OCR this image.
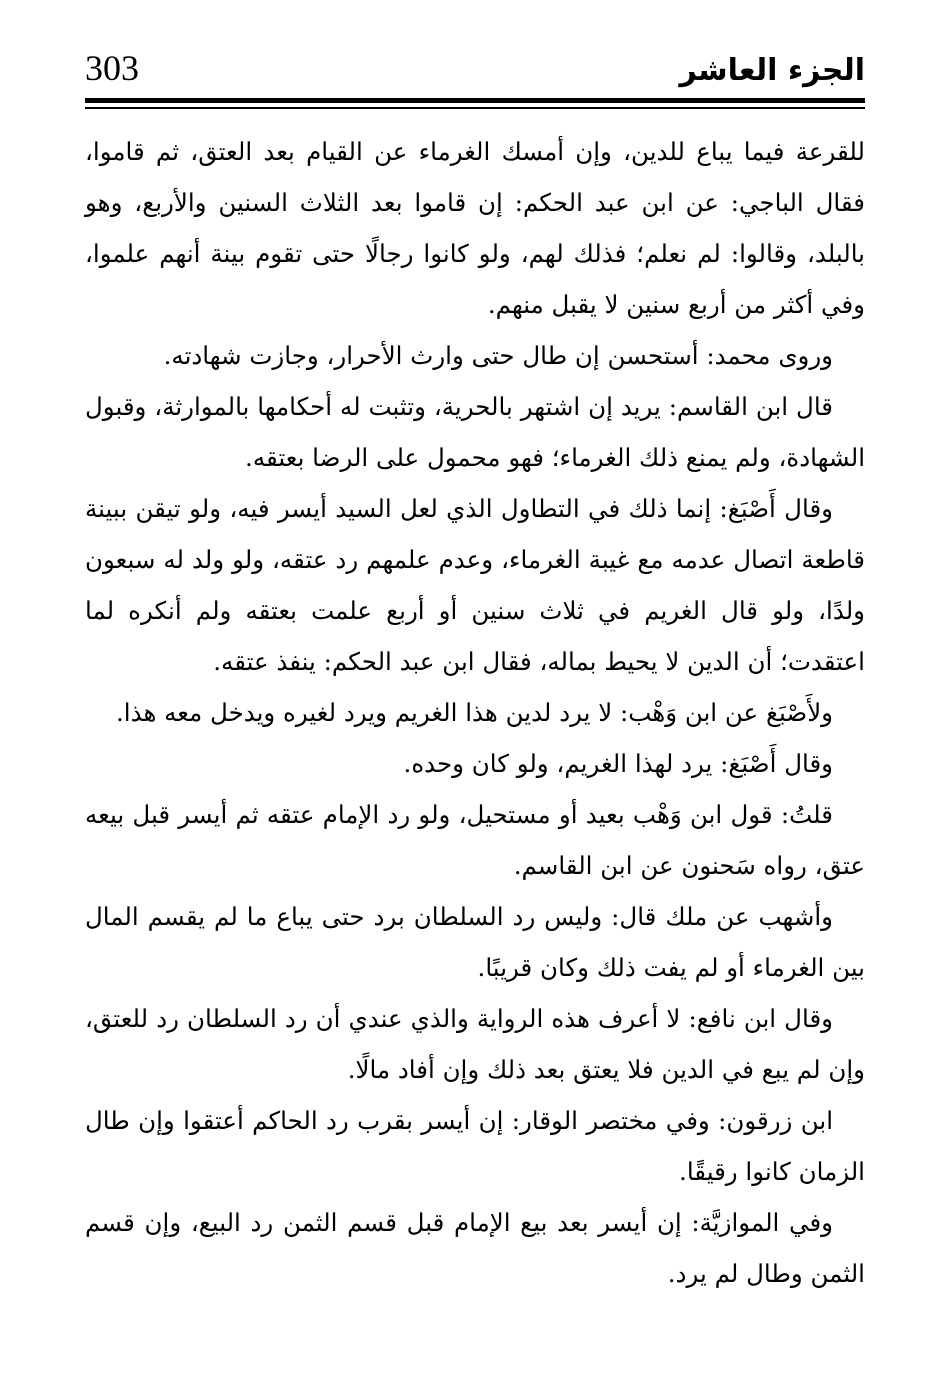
الجزء العاشر
303

للقرعة فيما يباع للدين، وإن أمسك الغرماء عن القيام بعد العتق، ثم قاموا، فقال الباجي: عن ابن عبد الحكم: إن قاموا بعد الثلاث السنين والأربع، وهو بالبلد، وقالوا: لم نعلم؛ فذلك لهم، ولو كانوا رجالًا حتى تقوم بينة أنهم علموا، وفي أكثر من أربع سنين لا يقبل منهم.

وروى محمد: أستحسن إن طال حتى وارث الأحرار، وجازت شهادته.

قال ابن القاسم: يريد إن اشتهر بالحرية، وتثبت له أحكامها بالموارثة، وقبول الشهادة، ولم يمنع ذلك الغرماء؛ فهو محمول على الرضا بعتقه.

وقال أَصْبَغ: إنما ذلك في التطاول الذي لعل السيد أيسر فيه، ولو تيقن ببينة قاطعة اتصال عدمه مع غيبة الغرماء، وعدم علمهم رد عتقه، ولو ولد له سبعون ولدًا، ولو قال الغريم في ثلاث سنين أو أربع علمت بعتقه ولم أنكره لما اعتقدت؛ أن الدين لا يحيط بماله، فقال ابن عبد الحكم: ينفذ عتقه.

ولأَصْبَغ عن ابن وَهْب: لا يرد لدين هذا الغريم ويرد لغيره ويدخل معه هذا.

وقال أَصْبَغ: يرد لهذا الغريم، ولو كان وحده.

قلتُ: قول ابن وَهْب بعيد أو مستحيل، ولو رد الإمام عتقه ثم أيسر قبل بيعه عتق، رواه سَحنون عن ابن القاسم.

وأشهب عن ملك قال: وليس رد السلطان برد حتى يباع ما لم يقسم المال بين الغرماء أو لم يفت ذلك وكان قريبًا.

وقال ابن نافع: لا أعرف هذه الرواية والذي عندي أن رد السلطان رد للعتق، وإن لم يبع في الدين فلا يعتق بعد ذلك وإن أفاد مالًا.

ابن زرقون: وفي مختصر الوقار: إن أيسر بقرب رد الحاكم أعتقوا وإن طال الزمان كانوا رقيقًا.

وفي الموازيَّة: إن أيسر بعد بيع الإمام قبل قسم الثمن رد البيع، وإن قسم الثمن وطال لم يرد.
